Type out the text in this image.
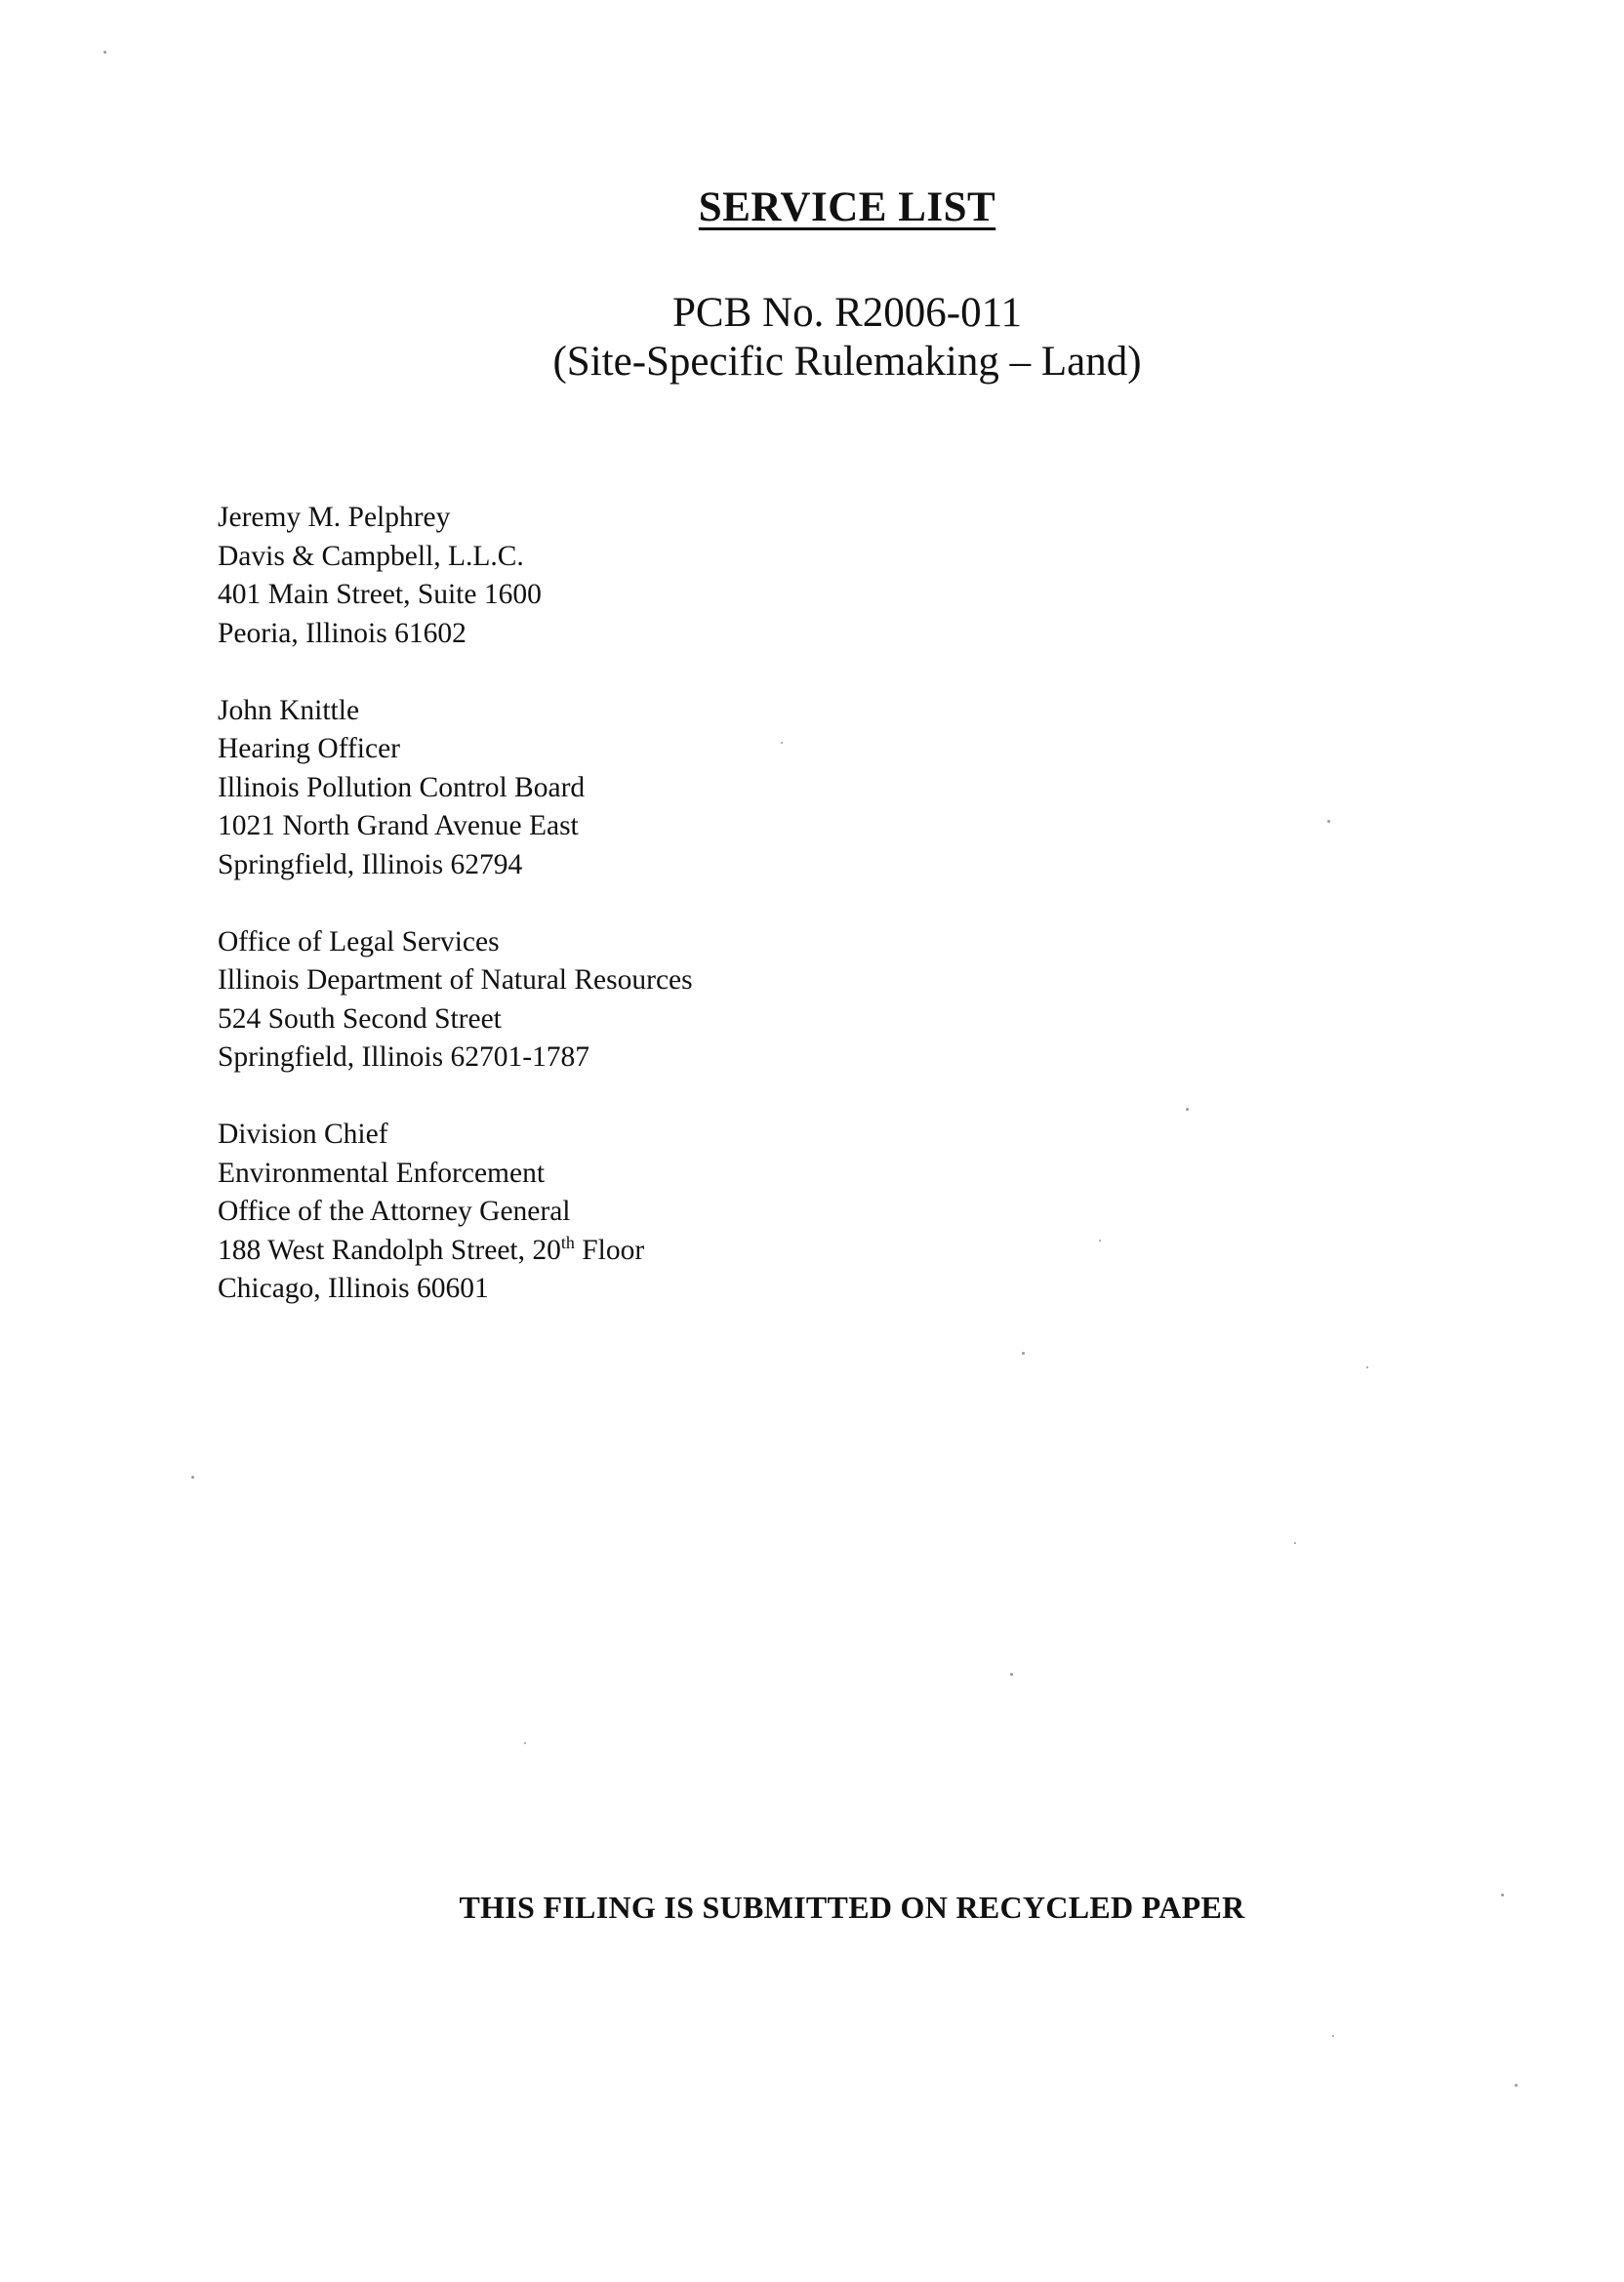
SERVICE LIST
PCB No. R2006-011
(Site-Specific Rulemaking – Land)
Jeremy M. Pelphrey
Davis & Campbell, L.L.C.
401 Main Street, Suite 1600
Peoria, Illinois 61602
John Knittle
Hearing Officer
Illinois Pollution Control Board
1021 North Grand Avenue East
Springfield, Illinois 62794
Office of Legal Services
Illinois Department of Natural Resources
524 South Second Street
Springfield, Illinois 62701-1787
Division Chief
Environmental Enforcement
Office of the Attorney General
188 West Randolph Street, 20th Floor
Chicago, Illinois 60601
THIS FILING IS SUBMITTED ON RECYCLED PAPER
